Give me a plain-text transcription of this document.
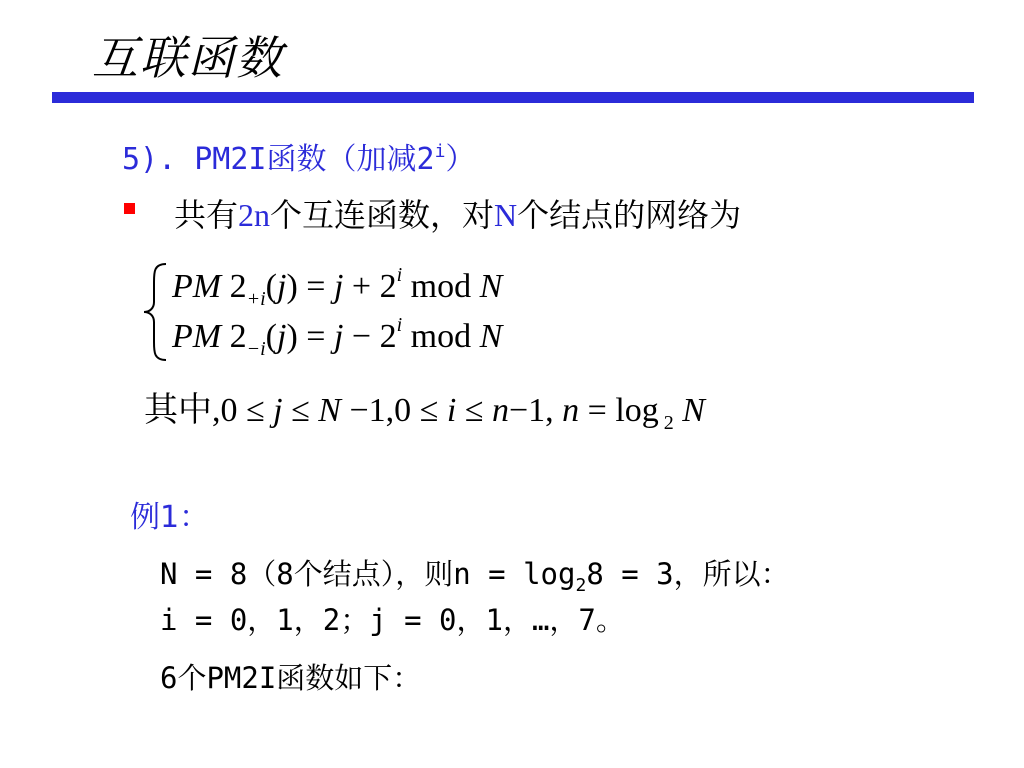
互联函数
5). PM2I函数（加减2$^i$）
共有2n个互连函数，对N个结点的网络为
PM $2_{+i}(j) = j + 2^i$ mod N
PM $2_{-i}(j) = j - 2^i$ mod N
其中,0 ≤ j ≤ N −1,0 ≤ i ≤ n−1, n = log $_2$ N
例1：
N = 8（8个结点），则$n = \log_28 = 3$，所以：
i = 0，1，2；j = 0，1，…，7。
6个PM2I函数如下：
